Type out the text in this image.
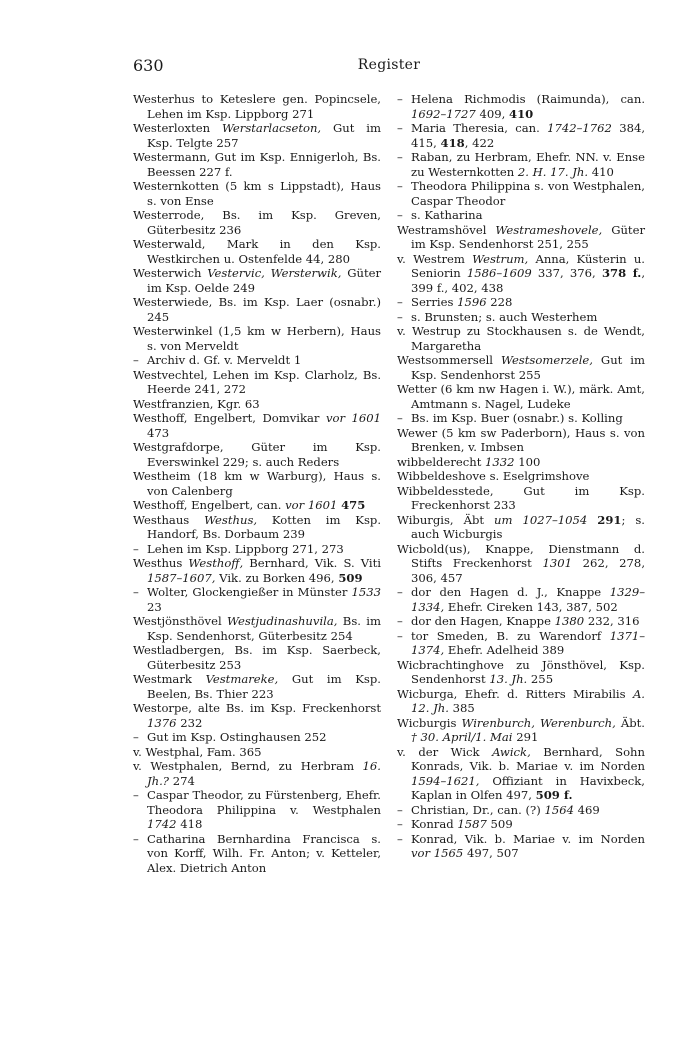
630	Register

Westerhus to Keteslere gen. Popincsele, Lehen im Ksp. Lippborg 271

Westerloxten Werstarlacseton, Gut im Ksp. Telgte 257

Westermann, Gut im Ksp. Ennigerloh, Bs. Beessen 227 f.

Westernkotten (5 km s Lippstadt), Haus s. von Ense

Westerrode, Bs. im Ksp. Greven, Güterbesitz 236

Westerwald, Mark in den Ksp. Westkirchen u. Ostenfelde 44, 280

Westerwich Vestervic, Wersterwik, Güter im Ksp. Oelde 249

Westerwiede, Bs. im Ksp. Laer (osnabr.) 245

Westerwinkel (1,5 km w Herbern), Haus s. von Merveldt

– Archiv d. Gf. v. Merveldt 1

Westvechtel, Lehen im Ksp. Clarholz, Bs. Heerde 241, 272

Westfranzien, Kgr. 63

Westhoff, Engelbert, Domvikar vor 1601 473

Westgrafdorpe, Güter im Ksp. Everswinkel 229; s. auch Reders

Westheim (18 km w Warburg), Haus s. von Calenberg

Westhoff, Engelbert, can. vor 1601 475

Westhaus Westhus, Kotten im Ksp. Handorf, Bs. Dorbaum 239

– Lehen im Ksp. Lippborg 271, 273

Westhus Westhoff, Bernhard, Vik. S. Viti 1587–1607, Vik. zu Borken 496, 509

– Wolter, Glockengießer in Münster 1533 23

Westjönsthövel Westjudinashuvila, Bs. im Ksp. Sendenhorst, Güterbesitz 254

Westladbergen, Bs. im Ksp. Saerbeck, Güterbesitz 253

Westmark Vestmareke, Gut im Ksp. Beelen, Bs. Thier 223

Westorpe, alte Bs. im Ksp. Freckenhorst 1376 232

– Gut im Ksp. Ostinghausen 252

v. Westphal, Fam. 365

v. Westphalen, Bernd, zu Herbram 16. Jh.? 274

– Caspar Theodor, zu Fürstenberg, Ehefr. Theodora Philippina v. Westphalen 1742 418

– Catharina Bernhardina Francisca s. von Korff, Wilh. Fr. Anton; v. Ketteler, Alex. Dietrich Anton

– Helena Richmodis (Raimunda), can. 1692–1727 409, 410

– Maria Theresia, can. 1742–1762 384, 415, 418, 422

– Raban, zu Herbram, Ehefr. NN. v. Ense zu Westernkotten 2. H. 17. Jh. 410

– Theodora Philippina s. von Westphalen, Caspar Theodor

– s. Katharina

Westramshövel Westrameshovele, Güter im Ksp. Sendenhorst 251, 255

v. Westrem Westrum, Anna, Küsterin u. Seniorin 1586–1609 337, 376, 378 f., 399 f., 402, 438

– Serries 1596 228

– s. Brunsten; s. auch Westerhem

v. Westrup zu Stockhausen s. de Wendt, Margaretha

Westsommersell Westsomerzele, Gut im Ksp. Sendenhorst 255

Wetter (6 km nw Hagen i. W.), märk. Amt, Amtmann s. Nagel, Ludeke

– Bs. im Ksp. Buer (osnabr.) s. Kolling

Wewer (5 km sw Paderborn), Haus s. von Brenken, v. Imbsen

wibbelderecht 1332 100

Wibbeldeshove s. Eselgrimshove

Wibbeldesstede, Gut im Ksp. Freckenhorst 233

Wiburgis, Äbt um 1027–1054 291; s. auch Wicburgis

Wicbold(us), Knappe, Dienstmann d. Stifts Freckenhorst 1301 262, 278, 306, 457

– dor den Hagen d. J., Knappe 1329–1334, Ehefr. Cireken 143, 387, 502

– dor den Hagen, Knappe 1380 232, 316

– tor Smeden, B. zu Warendorf 1371–1374, Ehefr. Adelheid 389

Wicbrachtinghove zu Jönsthövel, Ksp. Sendenhorst 13. Jh. 255

Wicburga, Ehefr. d. Ritters Mirabilis A. 12. Jh. 385

Wicburgis Wirenburch, Werenburch, Äbt. † 30. April/1. Mai 291

v. der Wick Awick, Bernhard, Sohn Konrads, Vik. b. Mariae v. im Norden 1594–1621, Offiziant in Havixbeck, Kaplan in Olfen 497, 509 f.

– Christian, Dr., can. (?) 1564 469

– Konrad 1587 509

– Konrad, Vik. b. Mariae v. im Norden vor 1565 497, 507
